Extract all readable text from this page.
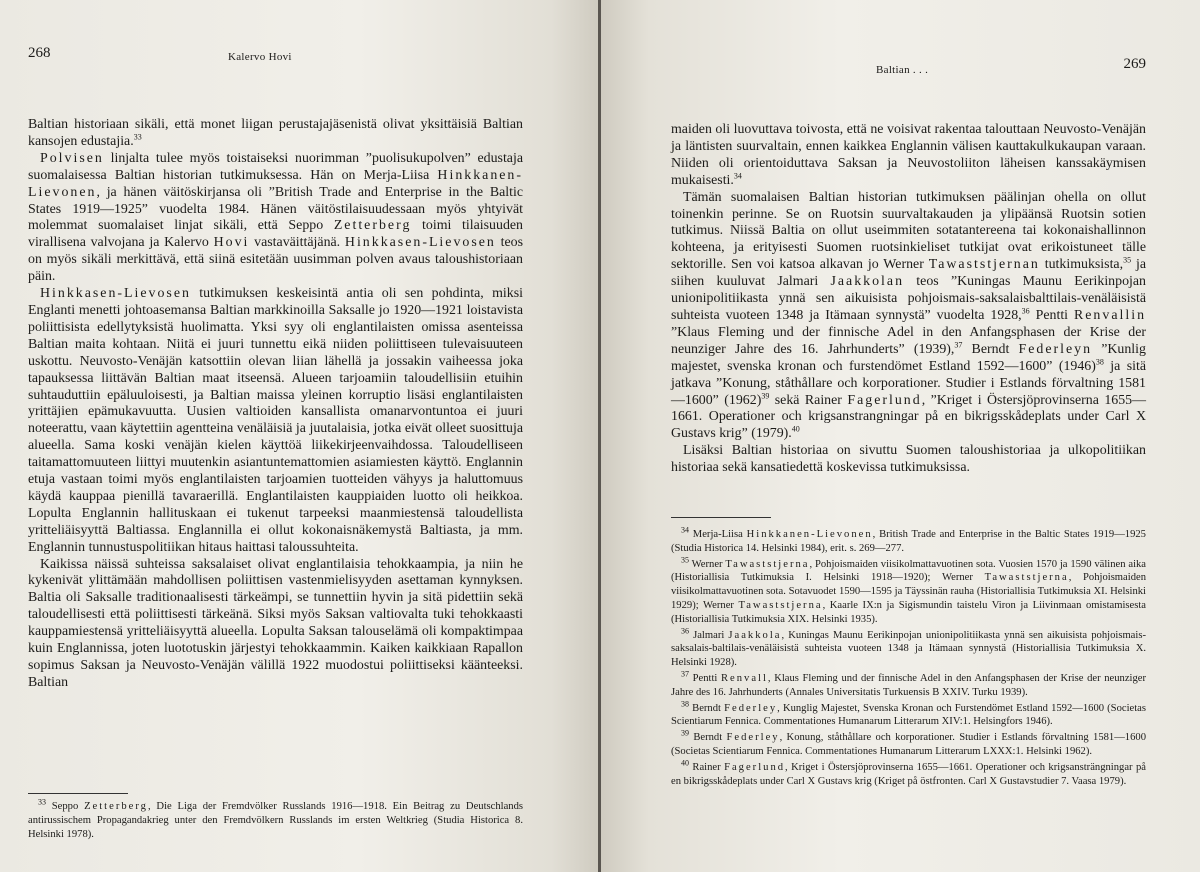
268	Kalervo Hovi

Baltian historiaan sikäli, että monet liigan perustajajäsenistä olivat yksittäisiä Baltian kansojen edustajia.$^{33}$

Polvisen linjalta tulee myös toistaiseksi nuorimman ”puolisukupolven” edustaja suomalaisessa Baltian historian tutkimuksessa. Hän on Merja-Liisa Hinkkanen-Lievonen, ja hänen väitöskirjansa oli ”British Trade and Enterprise in the Baltic States 1919—1925” vuodelta 1984. Hänen väitöstilaisuudessaan myös yhtyivät molemmat suomalaiset linjat sikäli, että Seppo Zetterberg toimi tilaisuuden virallisena valvojana ja Kalervo Hovi vastaväittäjänä. Hinkkasen-Lievosen teos on myös sikäli merkittävä, että siinä esitetään uusimman polven avaus taloushistoriaan päin.

Hinkkasen-Lievosen tutkimuksen keskeisintä antia oli sen pohdinta, miksi Englanti menetti johtoasemansa Baltian markkinoilla Saksalle jo 1920—1921 loistavista poliittisista edellytyksistä huolimatta. Yksi syy oli englantilaisten omissa asenteissa Baltian maita kohtaan. Niitä ei juuri tunnettu eikä niiden poliittiseen tulevaisuuteen uskottu. Neuvosto-Venäjän katsottiin olevan liian lähellä ja jossakin vaiheessa joka tapauksessa liittävän Baltian maat itseensä. Alueen tarjoamiin taloudellisiin etuihin suhtauduttiin epäluuloisesti, ja Baltian maissa yleinen korruptio lisäsi englantilaisten yrittäjien epämukavuutta. Uusien valtioiden kansallista omanarvontuntoa ei juuri noteerattu, vaan käytettiin agentteina venäläisiä ja juutalaisia, jotka eivät olleet suosittuja alueella. Sama koski venäjän kielen käyttöä liikekirjeenvaihdossa. Taloudelliseen taitamattomuuteen liittyi muutenkin asiantuntemattomien asiamiesten käyttö. Englannin etuja vastaan toimi myös englantilaisten tarjoamien tuotteiden vähyys ja haluttomuus käydä kauppaa pienillä tavaraerillä. Englantilaisten kauppiaiden luotto oli heikkoa. Lopulta Englannin hallituskaan ei tukenut tarpeeksi maanmiestensä taloudellista yritteliäisyyttä Baltiassa. Englannilla ei ollut kokonaisnäkemystä Baltiasta, ja mm. Englannin tunnustuspolitiikan hitaus haittasi taloussuhteita.

Kaikissa näissä suhteissa saksalaiset olivat englantilaisia tehokkaampia, ja niin he kykenivät ylittämään mahdollisen poliittisen vastenmielisyyden asettaman kynnyksen. Baltia oli Saksalle traditionaalisesti tärkeämpi, se tunnettiin hyvin ja sitä pidettiin sekä taloudellisesti että poliittisesti tärkeänä. Siksi myös Saksan valtiovalta tuki tehokkaasti kauppamiestensä yritteliäisyyttä alueella. Lopulta Saksan talouselämä oli kompaktimpaa kuin Englannissa, joten luototuskin järjestyi tehokkaammin. Kaiken kaikkiaan Rapallon sopimus Saksan ja Neuvosto-Venäjän välillä 1922 muodostui poliittiseksi käänteeksi. Baltian

$^{33}$ Seppo Zetterberg, Die Liga der Fremdvölker Russlands 1916—1918. Ein Beitrag zu Deutschlands antirussischem Propagandakrieg unter den Fremdvölkern Russlands im ersten Weltkrieg (Studia Historica 8. Helsinki 1978).

Baltian . . .	269

maiden oli luovuttava toivosta, että ne voisivat rakentaa talouttaan Neuvosto-Venäjän ja läntisten suurvaltain, ennen kaikkea Englannin välisen kauttakulkukaupan varaan. Niiden oli orientoiduttava Saksan ja Neuvostoliiton läheisen kanssakäymisen mukaisesti.$^{34}$

Tämän suomalaisen Baltian historian tutkimuksen päälinjan ohella on ollut toinenkin perinne. Se on Ruotsin suurvaltakauden ja ylipäänsä Ruotsin sotien tutkimus. Niissä Baltia on ollut useimmiten sotatantereena tai kokonaishallinnon kohteena, ja erityisesti Suomen ruotsinkieliset tutkijat ovat erikoistuneet tälle sektorille. Sen voi katsoa alkavan jo Werner Tawaststjernan tutkimuksista,$^{35}$ ja siihen kuuluvat Jalmari Jaakkolan teos ”Kuningas Maunu Eerikinpojan unionipolitiikasta ynnä sen aikuisista pohjoismais-saksalaisbalttilais-venäläisistä suhteista vuoteen 1348 ja Itämaan synnystä” vuodelta 1928,36 Pentti Renvallin ”Klaus Fleming und der finnische Adel in den Anfangsphasen der Krise der neunziger Jahre des 16. Jahrhunderts” (1939),$^{37}$ Berndt Federleyn ”Kunlig majestet, svenska kronan och furstendömet Estland 1592—1600” $(1946)^{38}$ ja sitä jatkava ”Konung, ståthållare och korporationer. Studier i Estlands förvaltning 1581—1600” $(1962)^{39}$ sekä Rainer Fagerlund, ”Kriget i Östersjöprovinserna 1655—1661. Operationer och krigsanstrangningar på en bikrigsskådeplats under Carl X Gustavs krig” (1979).$^{40}$

Lisäksi Baltian historiaa on sivuttu Suomen taloushistoriaa ja ulkopolitiikan historiaa sekä kansatiedettä koskevissa tutkimuksissa.

$^{34}$ Merja-Liisa Hinkkanen-Lievonen, British Trade and Enterprise in the Baltic States 1919—1925 (Studia Historica 14. Helsinki 1984), erit. s. 269—277.

$^{35}$ Werner Tawaststjerna, Pohjoismaiden viisikolmattavuotinen sota. Vuosien 1570 ja 1590 välinen aika (Historiallisia Tutkimuksia I. Helsinki 1918—1920); Werner Tawaststjerna, Pohjoismaiden viisikolmattavuotinen sota. Sotavuodet 1590—1595 ja Täyssinän rauha (Historiallisia Tutkimuksia XI. Helsinki 1929); Werner Tawaststjerna, Kaarle IX:n ja Sigismundin taistelu Viron ja Liivinmaan omistamisesta (Historiallisia Tutkimuksia XIX. Helsinki 1935).

$^{36}$ Jalmari Jaakkola, Kuningas Maunu Eerikinpojan unionipolitiikasta ynnä sen aikuisista pohjoismais-saksalais-baltilais-venäläisistä suhteista vuoteen 1348 ja Itämaan synnystä (Historiallisia Tutkimuksia X. Helsinki 1928).

$^{37}$ Pentti Renvall, Klaus Fleming und der finnische Adel in den Anfangsphasen der Krise der neunziger Jahre des 16. Jahrhunderts (Annales Universitatis Turkuensis B XXIV. Turku 1939).

$^{38}$ Berndt Federley, Kunglig Majestet, Svenska Kronan och Furstendömet Estland 1592—1600 (Societas Scientiarum Fennica. Commentationes Humanarum Litterarum XIV:1. Helsingfors 1946).

$^{39}$ Berndt Federley, Konung, ståthållare och korporationer. Studier i Estlands förvaltning 1581—1600 (Societas Scientiarum Fennica. Commentationes Humanarum Litterarum LXXX:1. Helsinki 1962).

$^{40}$ Rainer Fagerlund, Kriget i Östersjöprovinserna 1655—1661. Operationer och krigsansträngningar på en bikrigsskådeplats under Carl X Gustavs krig (Kriget på östfronten. Carl X Gustavstudier 7. Vaasa 1979).
